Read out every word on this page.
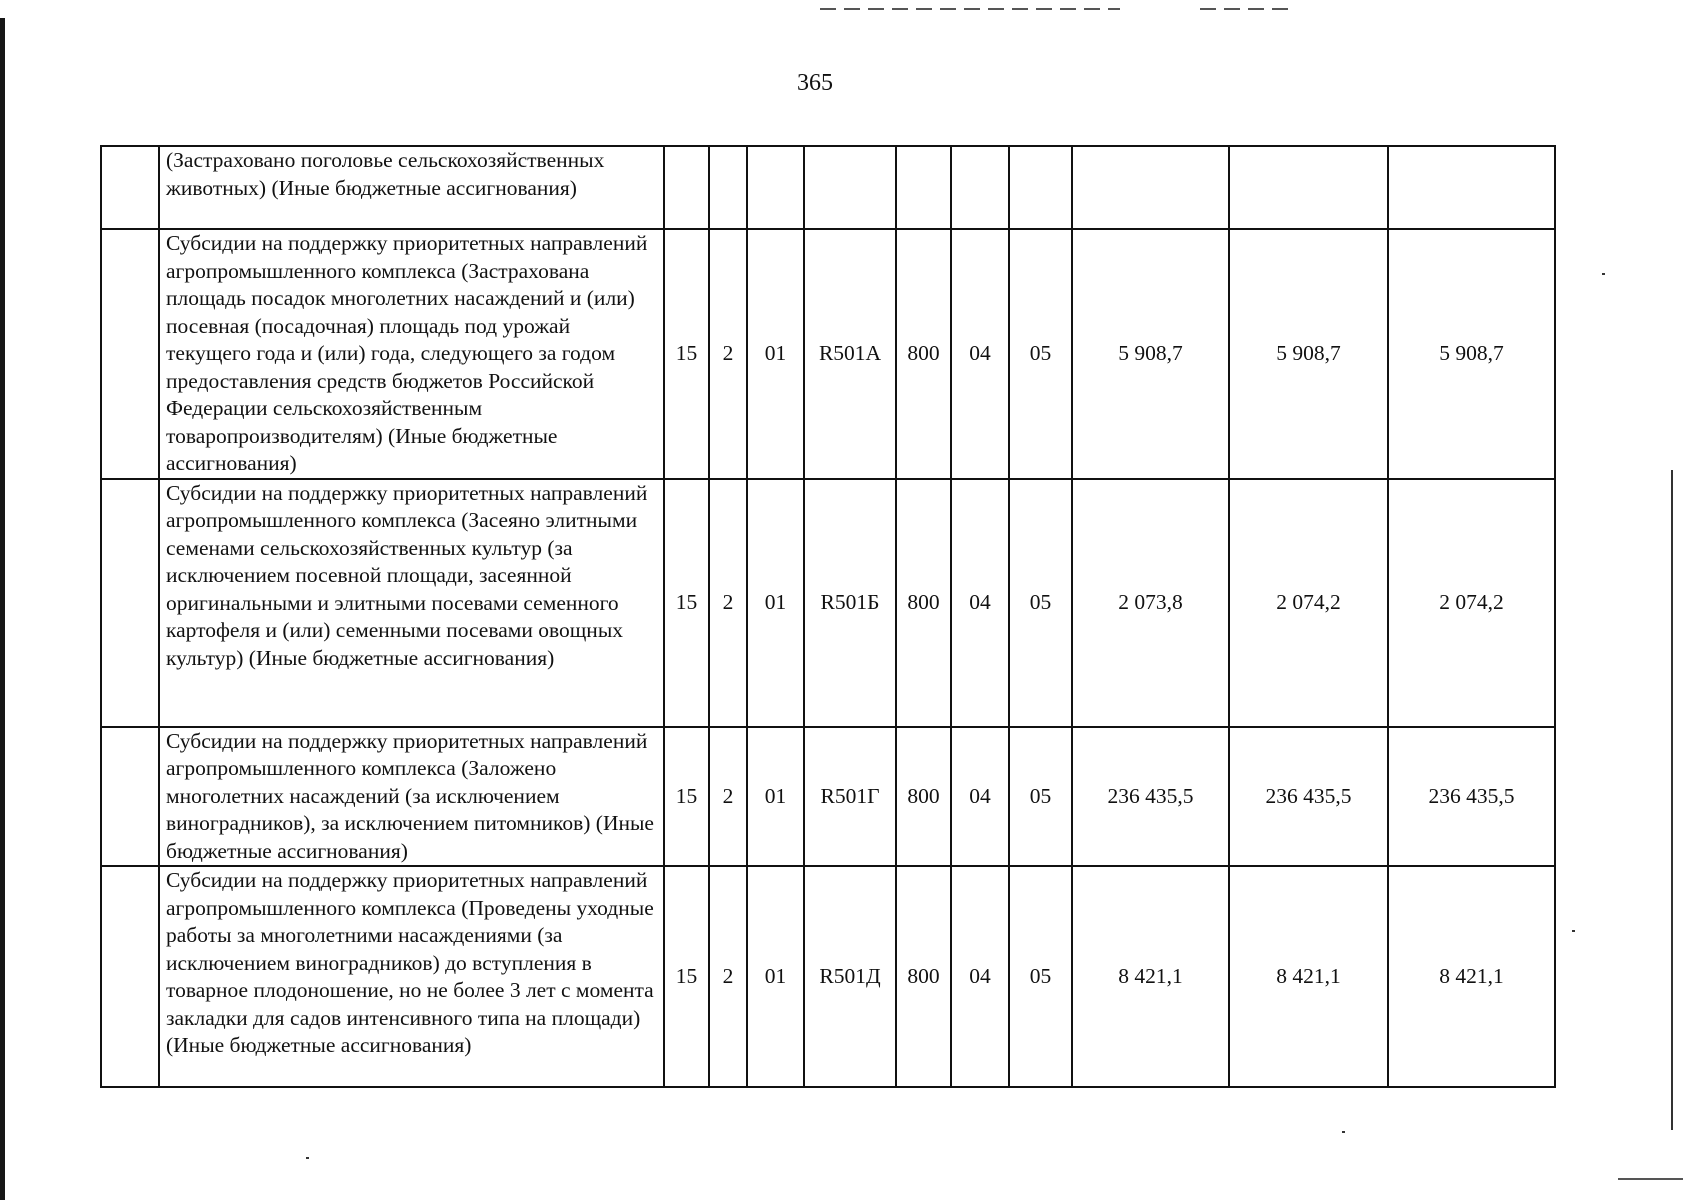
365
	(Застраховано поголовье сельскохозяйственных животных) (Иные бюджетные ассигнования)										
	Субсидии на поддержку приоритетных направлений агропромышленного комплекса (Застрахована площадь посадок многолетних насаждений и (или) посевная (посадочная) площадь под урожай текущего года и (или) года, следующего за годом предоставления средств бюджетов Российской Федерации сельскохозяйственным товаропроизводителям) (Иные бюджетные ассигнования)	15	2	01	R501А	800	04	05	5 908,7	5 908,7	5 908,7
	Субсидии на поддержку приоритетных направлений агропромышленного комплекса (Засеяно элитными семенами сельскохозяйственных культур (за исключением посевной площади, засеянной оригинальными и элитными посевами семенного картофеля и (или) семенными посевами овощных культур) (Иные бюджетные ассигнования)	15	2	01	R501Б	800	04	05	2 073,8	2 074,2	2 074,2
	Субсидии на поддержку приоритетных направлений агропромышленного комплекса (Заложено многолетних насаждений (за исключением виноградников), за исключением питомников) (Иные бюджетные ассигнования)	15	2	01	R501Г	800	04	05	236 435,5	236 435,5	236 435,5
	Субсидии на поддержку приоритетных направлений агропромышленного комплекса (Проведены уходные работы за многолетними насаждениями (за исключением виноградников) до вступления в товарное плодоношение, но не более 3 лет с момента закладки для садов интенсивного типа на площади) (Иные бюджетные ассигнования)	15	2	01	R501Д	800	04	05	8 421,1	8 421,1	8 421,1
